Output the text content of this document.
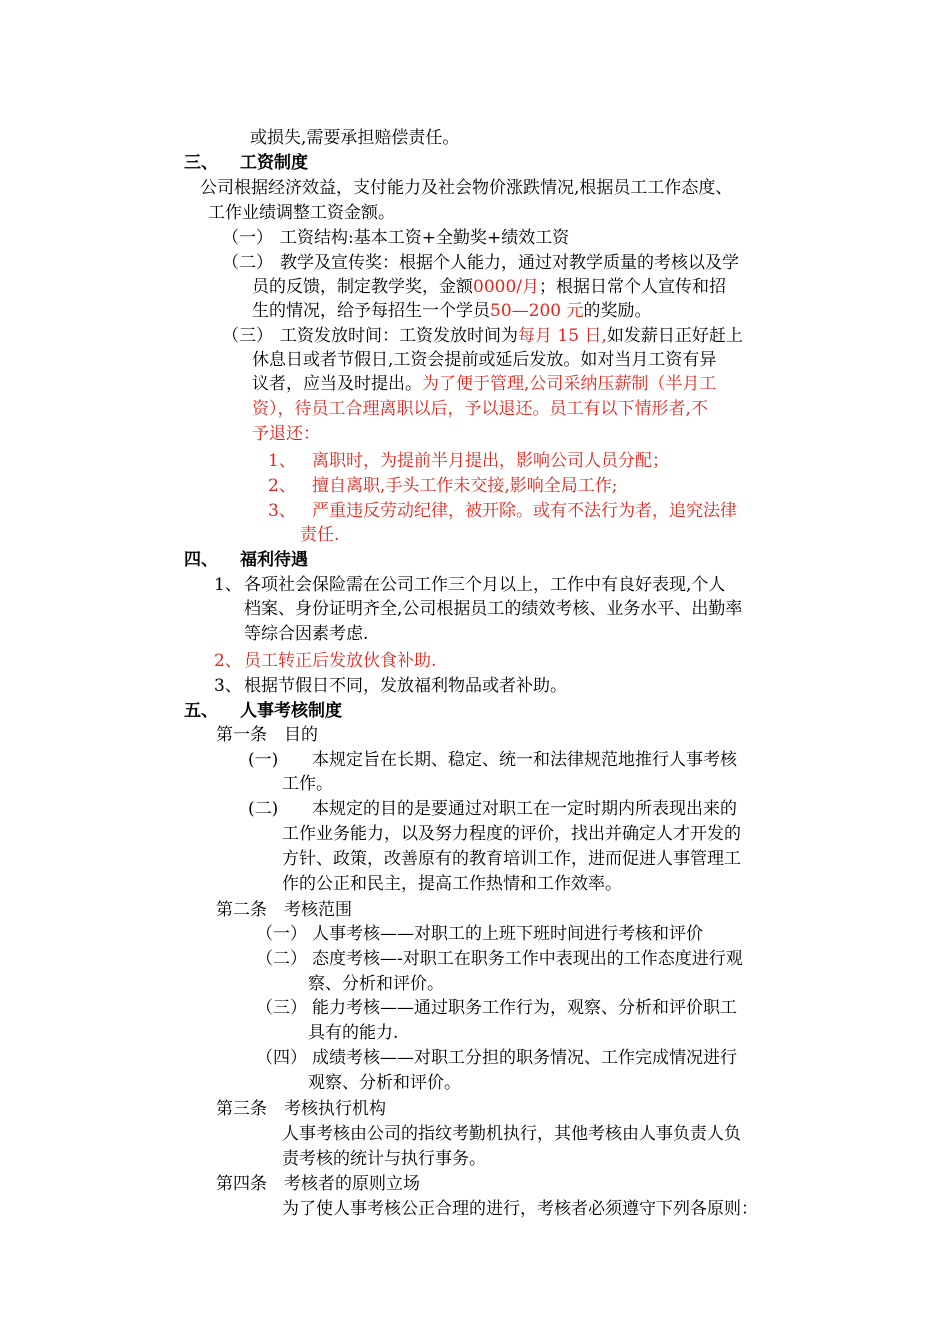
或损失,需要承担赔偿责任。
三、 工资制度
公司根据经济效益，支付能力及社会物价涨跌情况,根据员工工作态度、
工作业绩调整工资金额。
（一） 工资结构:基本工资+全勤奖+绩效工资
（二） 教学及宣传奖：根据个人能力，通过对教学质量的考核以及学
员的反馈，制定教学奖，金额0000/月；根据日常个人宣传和招
生的情况，给予每招生一个学员50—200 元的奖励。
（三） 工资发放时间：工资发放时间为每月 15 日,如发薪日正好赶上
休息日或者节假日,工资会提前或延后发放。如对当月工资有异
议者，应当及时提出。为了便于管理,公司采纳压薪制（半月工
资），待员工合理离职以后，予以退还。员工有以下情形者,不
予退还：
1、 离职时，为提前半月提出，影响公司人员分配；
2、 擅自离职,手头工作未交接,影响全局工作;
3、 严重违反劳动纪律，被开除。或有不法行为者，追究法律
责任.
四、 福利待遇
1、 各项社会保险需在公司工作三个月以上，工作中有良好表现,个人
档案、身份证明齐全,公司根据员工的绩效考核、业务水平、出勤率
等综合因素考虑.
2、 员工转正后发放伙食补助.
3、 根据节假日不同，发放福利物品或者补助。
五、 人事考核制度
第一条　目的
(一) 本规定旨在长期、稳定、统一和法律规范地推行人事考核
工作。
(二) 本规定的目的是要通过对职工在一定时期内所表现出来的
工作业务能力，以及努力程度的评价，找出并确定人才开发的
方针、政策，改善原有的教育培训工作，进而促进人事管理工
作的公正和民主，提高工作热情和工作效率。
第二条　考核范围
（一） 人事考核——对职工的上班下班时间进行考核和评价
（二） 态度考核—-对职工在职务工作中表现出的工作态度进行观
察、分析和评价。
（三） 能力考核——通过职务工作行为，观察、分析和评价职工
具有的能力.
（四） 成绩考核——对职工分担的职务情况、工作完成情况进行
观察、分析和评价。
第三条　考核执行机构
人事考核由公司的指纹考勤机执行，其他考核由人事负责人负
责考核的统计与执行事务。
第四条　考核者的原则立场
为了使人事考核公正合理的进行，考核者必须遵守下列各原则：
